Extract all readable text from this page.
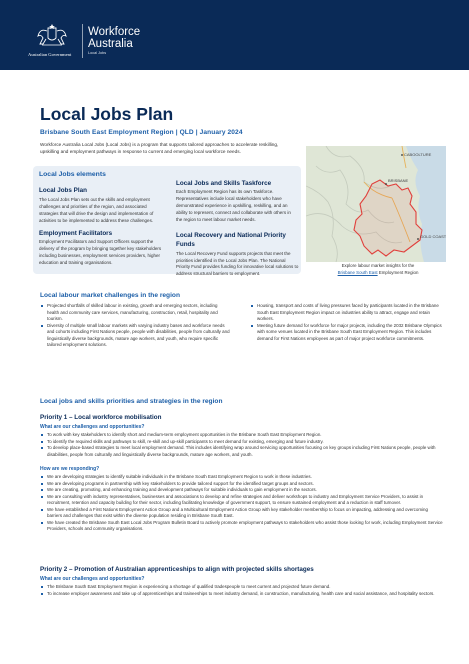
Australian Government
Workforce
Australia
Local Jobs
Local Jobs Plan
Brisbane South East Employment Region | QLD | January 2024
Workforce Australia Local Jobs (Local Jobs) is a program that supports tailored approaches to accelerate reskilling, upskilling and employment pathways in response to current and emerging local workforce needs.
Local Jobs elements
Local Jobs Plan
The Local Jobs Plan sets out the skills and employment challenges and priorities of the region, and associated strategies that will drive the design and implementation of activities to be implemented to address these challenges.
Employment Facilitators
Employment Facilitators and Support Officers support the delivery of the program by bringing together key stakeholders including businesses, employment services providers, higher education and training organisations.
Local Jobs and Skills Taskforce
Each Employment Region has its own Taskforce. Representatives include local stakeholders who have demonstrated experience in upskilling, reskilling, and an ability to represent, connect and collaborate with others in the region to meet labour market needs.
Local Recovery and National Priority Funds
The Local Recovery Fund supports projects that meet the priorities identified in the Local Jobs Plan. The National Priority Fund provides funding for innovative local solutions to address structural barriers to employment.
CABOOLTURE
BRISBANE
GOLD COAST
Explore labour market insights for the
Brisbane South East Employment Region
Local labour market challenges in the region
Projected shortfalls of skilled labour in existing, growth and emerging sectors, including health and community care services, manufacturing, construction, retail, hospitality and tourism.
Diversity of multiple small labour markets with varying industry bases and workforce needs and cohorts including First Nations people, people with disabilities, people from culturally and linguistically diverse backgrounds, mature age workers, and youth, who require specific tailored employment solutions.
Housing, transport and costs of living pressures faced by participants located in the Brisbane South East Employment Region impact on industries ability to attract, engage and retain workers.
Meeting future demand for workforce for major projects, including the 2032 Brisbane Olympics with some venues located in the Brisbane South East Employment Region. This includes demand for First Nations employees as part of major project workforce commitments.
Local jobs and skills priorities and strategies in the region
Priority 1 – Local workforce mobilisation
What are our challenges and opportunities?
To work with key stakeholders to identify short and medium-term employment opportunities in the Brisbane South East Employment Region.
To identify the required skills and pathways to skill, re-skill and up-skill participants to meet demand for existing, emerging and future industry.
To develop place-based strategies to meet local employment demand. This includes identifying wrap around servicing opportunities focusing on key groups including First Nations people, people with disabilities, people from culturally and linguistically diverse backgrounds, mature age workers, and youth.
How are we responding?
We are developing strategies to identify suitable individuals in the Brisbane South East Employment Region to work in these industries.
We are developing programs in partnership with key stakeholders to provide tailored support for the identified target groups and sectors.
We are creating, promoting, and enhancing training and development pathways for suitable individuals to gain employment in the sectors.
We are consulting with industry representatives, businesses and associations to develop and refine strategies and deliver workshops to industry and Employment Service Providers, to assist in recruitment, retention and capacity building for their sector, including facilitating knowledge of government support, to ensure sustained employment and a reduction in staff turnover.
We have established a First Nations Employment Action Group and a Multicultural Employment Action Group with key stakeholder membership to focus on impacting, addressing and overcoming barriers and challenges that exist within the diverse population residing in Brisbane South East.
We have created the Brisbane South East Local Jobs Program Bulletin Board to actively promote employment pathways to stakeholders who assist those looking for work, including Employment Service Providers, schools and community organisations.
Priority 2 – Promotion of Australian apprenticeships to align with projected skills shortages
What are our challenges and opportunities?
The Brisbane South East Employment Region is experiencing a shortage of qualified tradespeople to meet current and projected future demand.
To increase employer awareness and take up of apprenticeships and traineeships to meet industry demand, in construction, manufacturing, health care and social assistance, and hospitality sectors.
